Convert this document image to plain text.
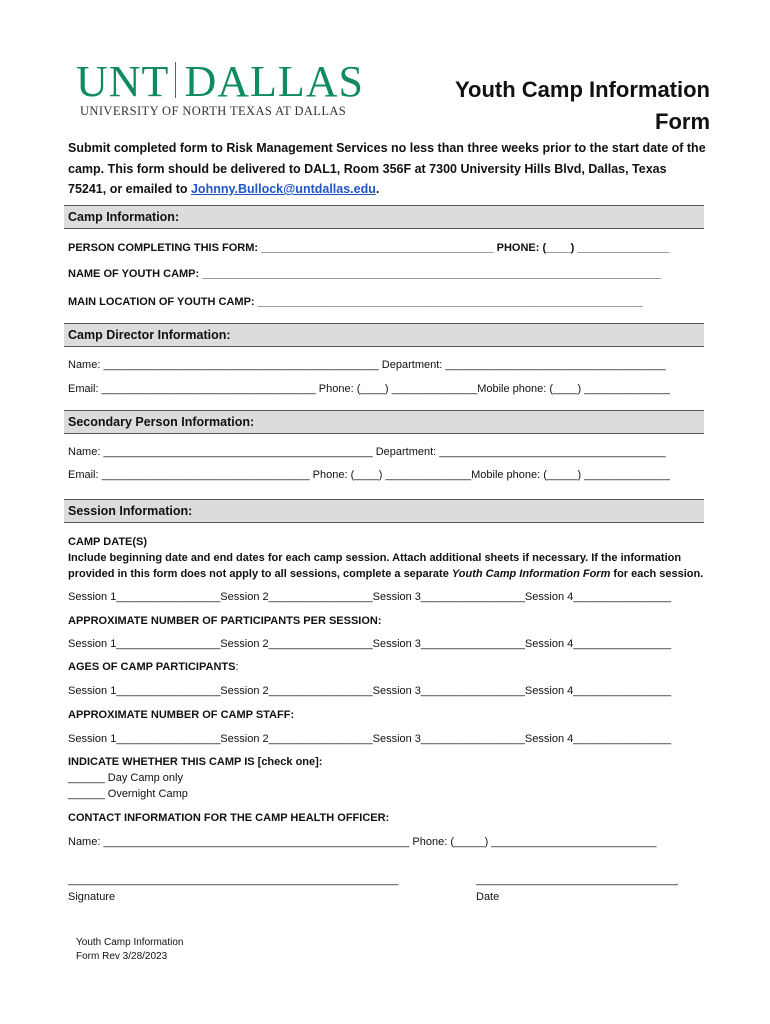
UNT DALLAS
UNIVERSITY OF NORTH TEXAS AT DALLAS
Youth Camp Information
Form
Submit completed form to Risk Management Services no less than three weeks prior to the start date of the camp. This form should be delivered to DAL1, Room 356F at 7300 University Hills Blvd, Dallas, Texas 75241, or emailed to Johnny.Bullock@untdallas.edu.
Camp Information:
PERSON COMPLETING THIS FORM: ______________________________________ PHONE: (____) _______________
NAME OF YOUTH CAMP: ___________________________________________________________________________
MAIN LOCATION OF YOUTH CAMP: _______________________________________________________________
Camp Director Information:
Name: _____________________________________________ Department: ____________________________________
Email: ___________________________________ Phone: (____) ______________Mobile phone: (____) ______________
Secondary Person Information:
Name: ____________________________________________ Department: _____________________________________
Email: __________________________________ Phone: (____) ______________Mobile phone: (_____) ______________
Session Information:
CAMP DATE(S)
Include beginning date and end dates for each camp session. Attach additional sheets if necessary. If the information provided in this form does not apply to all sessions, complete a separate Youth Camp Information Form for each session.
Session 1_________________Session 2_________________Session 3_________________Session 4________________
APPROXIMATE NUMBER OF PARTICIPANTS PER SESSION:
Session 1_________________Session 2_________________Session 3_________________Session 4________________
AGES OF CAMP PARTICIPANTS:
Session 1_________________Session 2_________________Session 3_________________Session 4________________
APPROXIMATE NUMBER OF CAMP STAFF:
Session 1_________________Session 2_________________Session 3_________________Session 4________________
INDICATE WHETHER THIS CAMP IS [check one]:
______ Day Camp only
______ Overnight Camp
CONTACT INFORMATION FOR THE CAMP HEALTH OFFICER:
Name: __________________________________________________ Phone: (_____) ___________________________
______________________________________________________	_________________________________
Signature	Date
Youth Camp Information
Form Rev 3/28/2023
